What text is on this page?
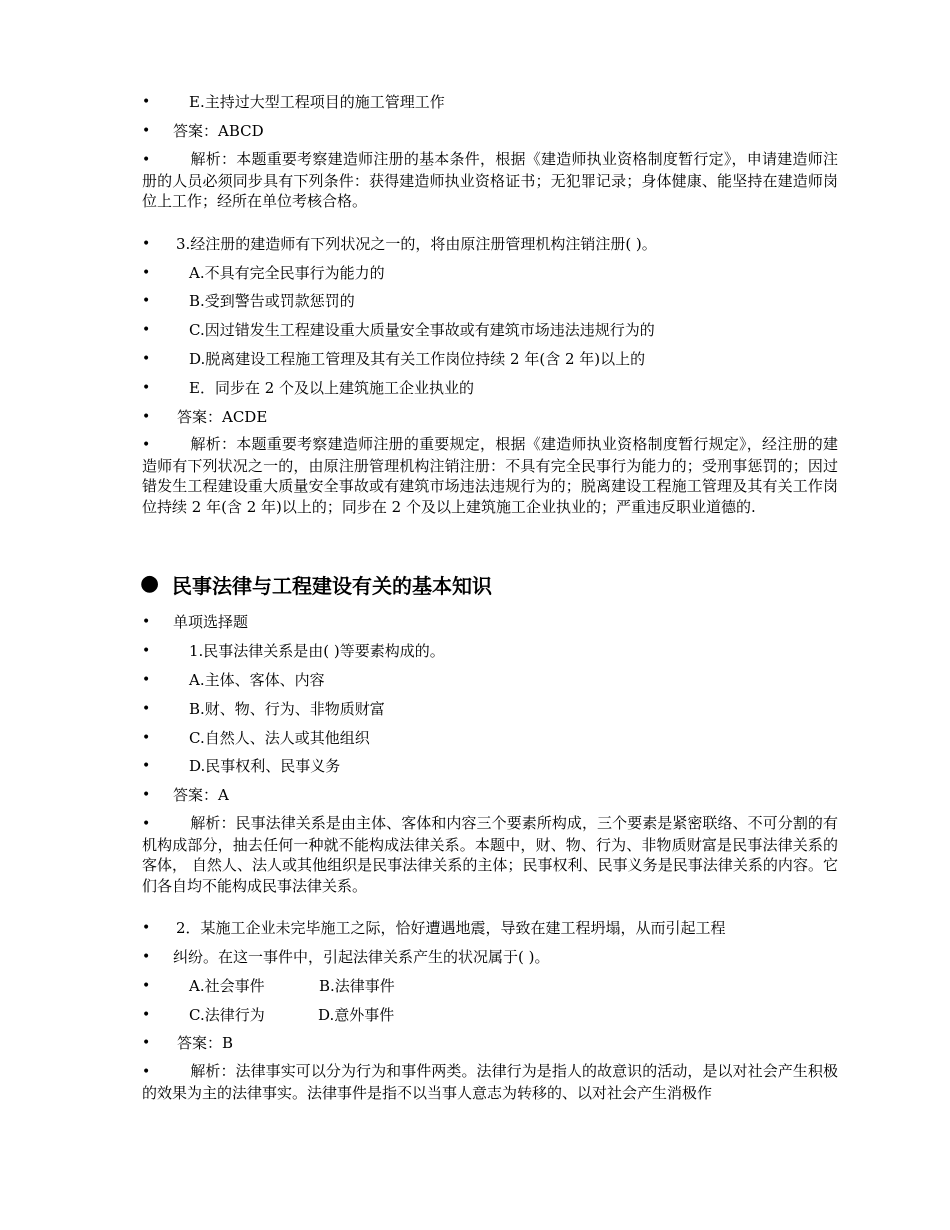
•	E.主持过大型工程项目的施工管理工作
• 答案：ABCD
•	解析：本题重要考察建造师注册的基本条件，根据《建造师执业资格制度暂行定》，申请建造师注册的人员必须同步具有下列条件：获得建造师执业资格证书；无犯罪记录；身体健康、能坚持在建造师岗位上工作；经所在单位考核合格。
• 3.经注册的建造师有下列状况之一的，将由原注册管理机构注销注册( )。
•	A.不具有完全民事行为能力的
•	B.受到警告或罚款惩罚的
•	C.因过错发生工程建设重大质量安全事故或有建筑市场违法违规行为的
•	D.脱离建设工程施工管理及其有关工作岗位持续 2 年(含 2 年)以上的
•	E．同步在 2 个及以上建筑施工企业执业的
• 答案：ACDE
•	解析：本题重要考察建造师注册的重要规定，根据《建造师执业资格制度暂行规定》，经注册的建造师有下列状况之一的，由原注册管理机构注销注册：不具有完全民事行为能力的；受刑事惩罚的；因过错发生工程建设重大质量安全事故或有建筑市场违法违规行为的；脱离建设工程施工管理及其有关工作岗位持续 2 年(含 2 年)以上的；同步在 2 个及以上建筑施工企业执业的；严重违反职业道德的.
● 民事法律与工程建设有关的基本知识
• 单项选择题
•	1.民事法律关系是由( )等要素构成的。
•	A.主体、客体、内容
•	B.财、物、行为、非物质财富
•	C.自然人、法人或其他组织
•	D.民事权利、民事义务
• 答案：A
•	解析：民事法律关系是由主体、客体和内容三个要素所构成，三个要素是紧密联络、不可分割的有机构成部分，抽去任何一种就不能构成法律关系。本题中，财、物、行为、非物质财富是民事法律关系的客体， 自然人、法人或其他组织是民事法律关系的主体；民事权利、民事义务是民事法律关系的内容。它们各自均不能构成民事法律关系。
• 2．某施工企业未完毕施工之际，恰好遭遇地震，导致在建工程坍塌，从而引起工程
• 纠纷。在这一事件中，引起法律关系产生的状况属于( )。
•	A.社会事件	B.法律事件
•	C.法律行为	D.意外事件
• 答案：B
•	解析：法律事实可以分为行为和事件两类。法律行为是指人的故意识的活动，是以对社会产生积极的效果为主的法律事实。法律事件是指不以当事人意志为转移的、以对社会产生消极作
